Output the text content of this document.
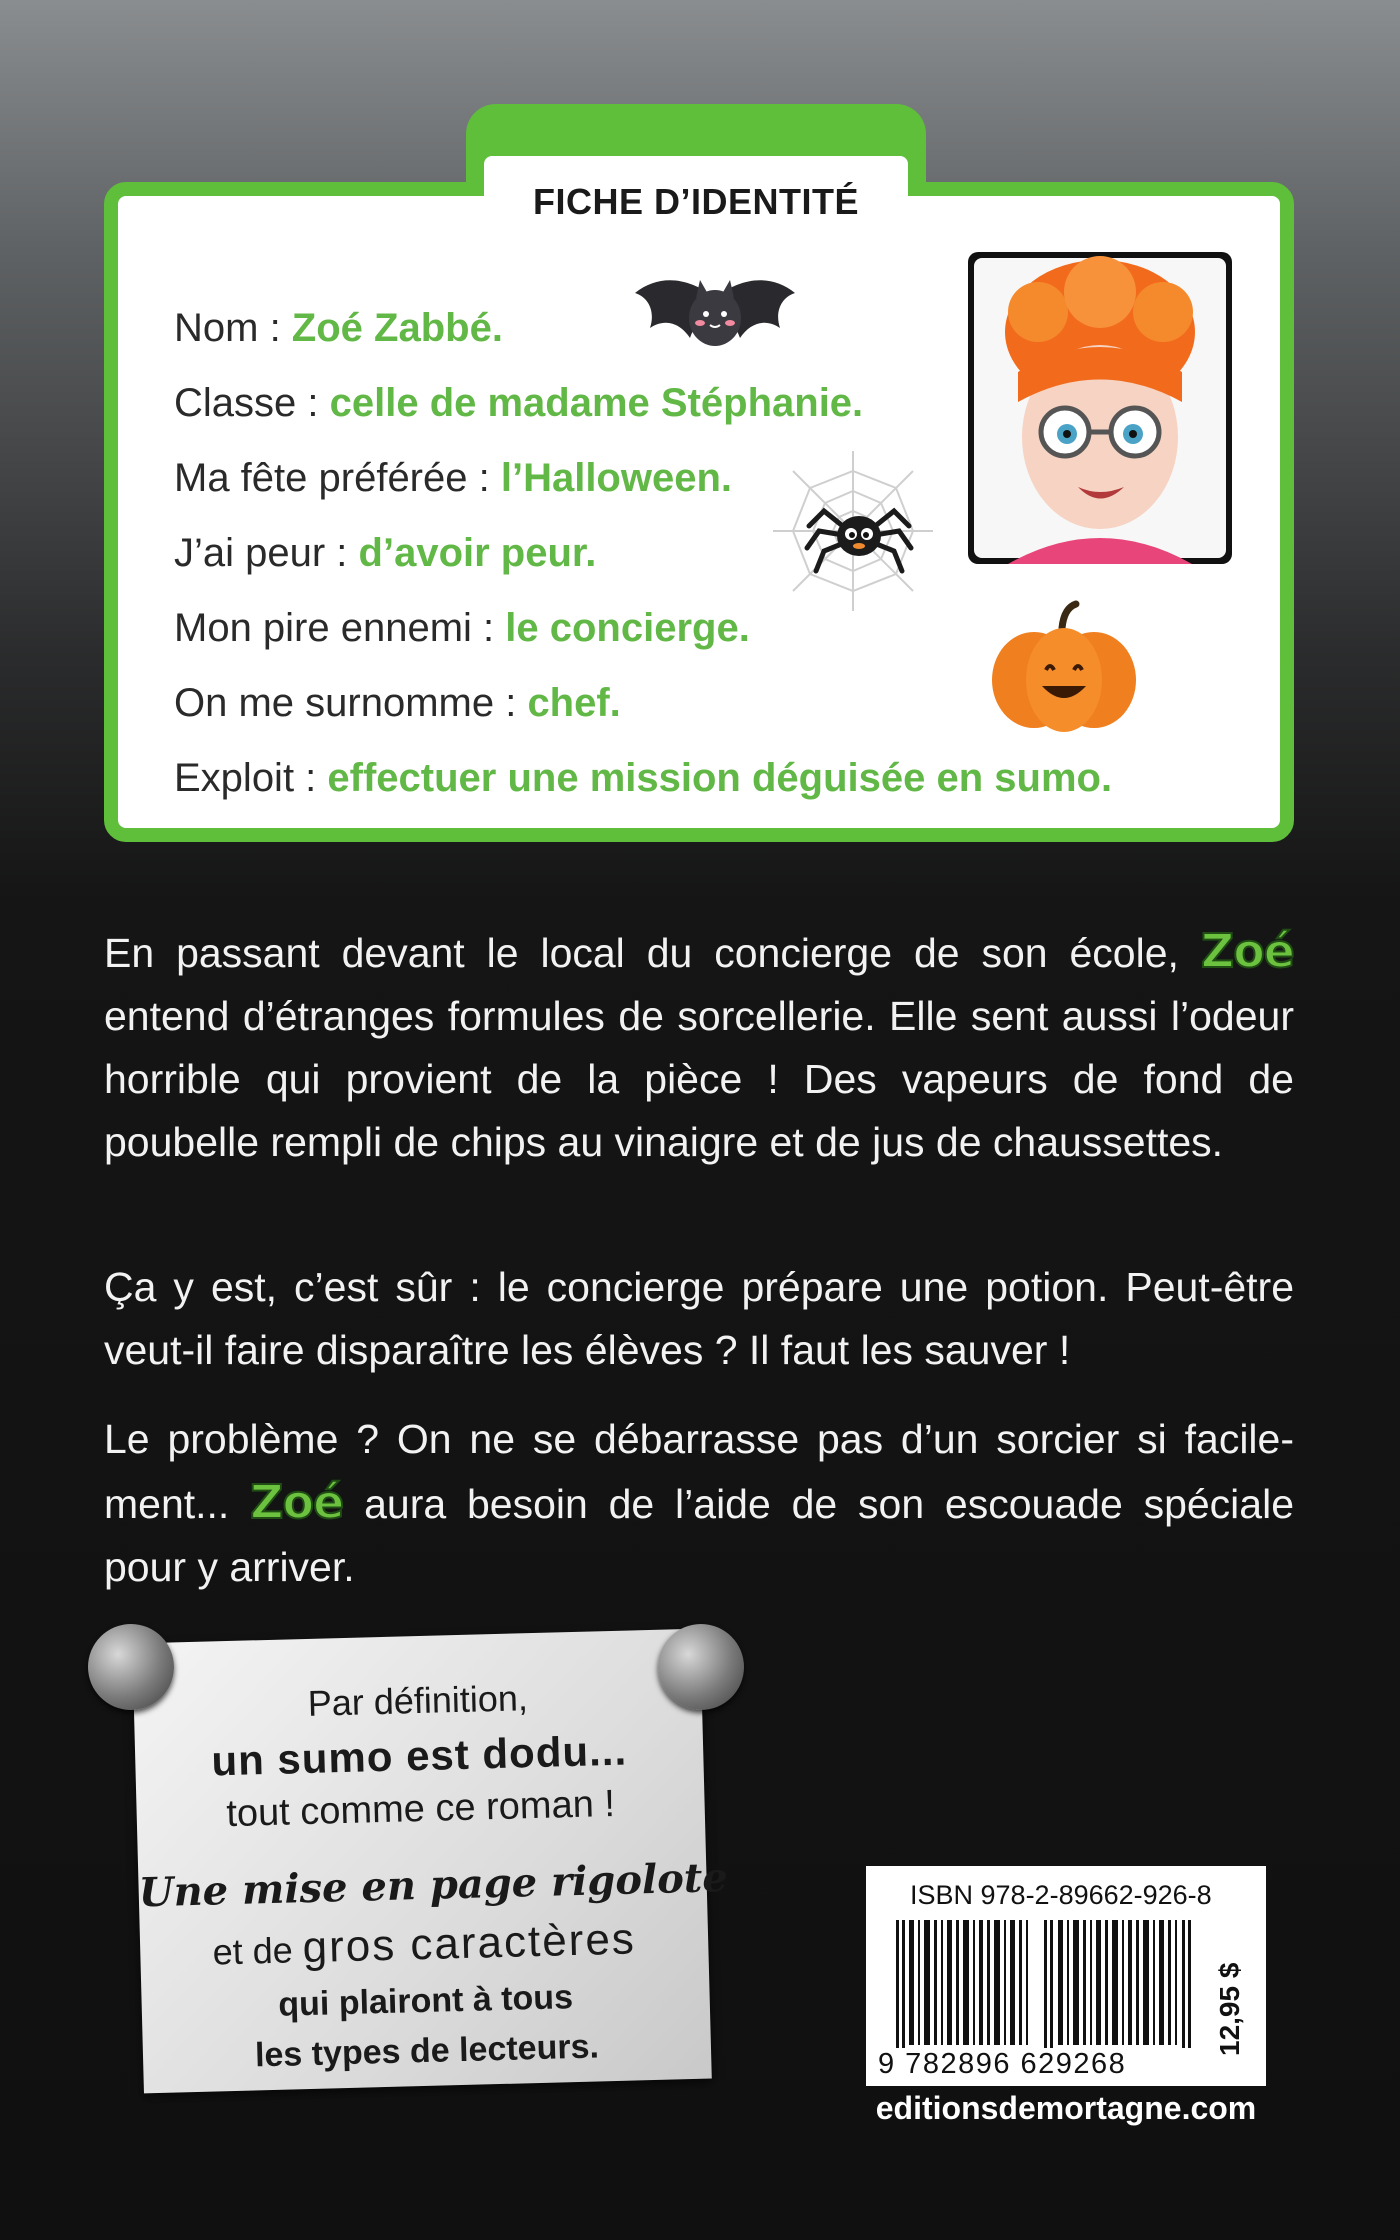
Nom : Zoé Zabbé.
Classe : celle de madame Stéphanie.
Ma fête préférée : l’Halloween.
J’ai peur : d’avoir peur.
Mon pire ennemi : le concierge.
On me surnomme : chef.
Exploit : effectuer une mission déguisée en sumo.
FICHE D’IDENTITÉ

En passant devant le local du concierge de son école, Zoé entend d’étranges formules de sorcellerie. Elle sent aussi l’odeur horrible qui provient de la pièce ! Des vapeurs de fond de poubelle rempli de chips au vinaigre et de jus de chaussettes.

Ça y est, c’est sûr : le concierge prépare une potion. Peut-être veut-il faire disparaître les élèves ? Il faut les sauver !

Le problème ? On ne se débarrasse pas d’un sorcier si facilement... Zoé aura besoin de l’aide de son escouade spéciale pour y arriver.

Par définition,
un sumo est dodu...
tout comme ce roman !
Une mise en page rigolote
et de gros caractères
qui plairont à tous
les types de lecteurs.
ISBN 978-2-89662-926-8
9 782896 629268
12,95 $
editionsdemortagne.com
